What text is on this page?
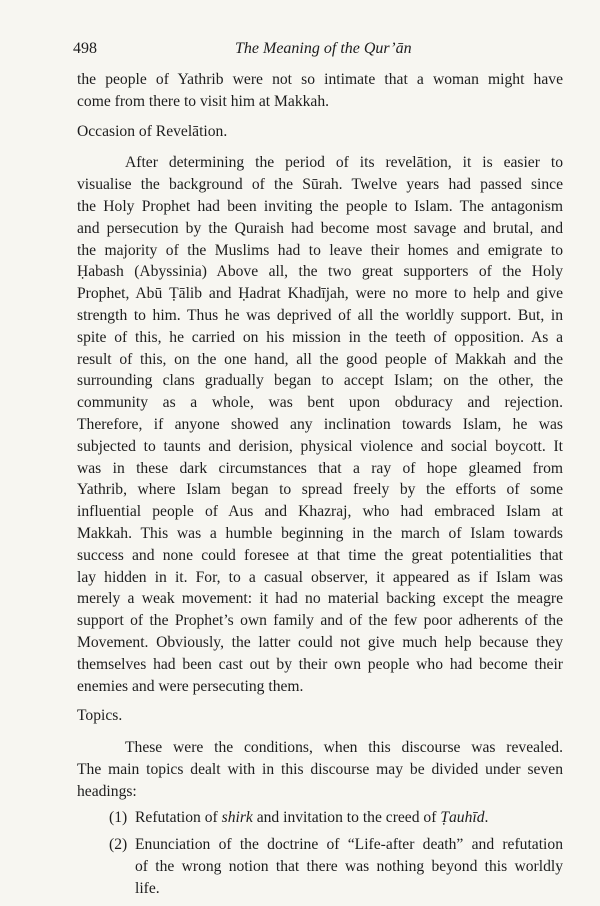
498	The Meaning of the Qur’ān

the people of Yathrib were not so intimate that a woman might have

come from there to visit him at Makkah.

Occasion of Revelātion.

After determining the period of its revelātion, it is easier to

visualise the background of the Sūrah. Twelve years had passed since

the Holy Prophet had been inviting the people to Islam. The antagonism

and persecution by the Quraish had become most savage and brutal, and

the majority of the Muslims had to leave their homes and emigrate to

Ḥabash (Abyssinia) Above all, the two great supporters of the Holy

Prophet, Abū Ṭālib and Ḥadrat Khadījah, were no more to help and give

strength to him. Thus he was deprived of all the worldly support. But, in

spite of this, he carried on his mission in the teeth of opposition. As a

result of this, on the one hand, all the good people of Makkah and the

surrounding clans gradually began to accept Islam; on the other, the

community as a whole, was bent upon obduracy and rejection.

Therefore, if anyone showed any inclination towards Islam, he was

subjected to taunts and derision, physical violence and social boycott. It

was in these dark circumstances that a ray of hope gleamed from

Yathrib, where Islam began to spread freely by the efforts of some

influential people of Aus and Khazraj, who had embraced Islam at

Makkah. This was a humble beginning in the march of Islam towards

success and none could foresee at that time the great potentialities that

lay hidden in it. For, to a casual observer, it appeared as if Islam was

merely a weak movement: it had no material backing except the meagre

support of the Prophet’s own family and of the few poor adherents of the

Movement. Obviously, the latter could not give much help because they

themselves had been cast out by their own people who had become their

enemies and were persecuting them.

Topics.

These were the conditions, when this discourse was revealed.

The main topics dealt with in this discourse may be divided under seven

headings:

(1) Refutation of shirk and invitation to the creed of Ṭauhīd.

(2) Enunciation of the doctrine of “Life-after death” and refutation

of the wrong notion that there was nothing beyond this worldly

life.
